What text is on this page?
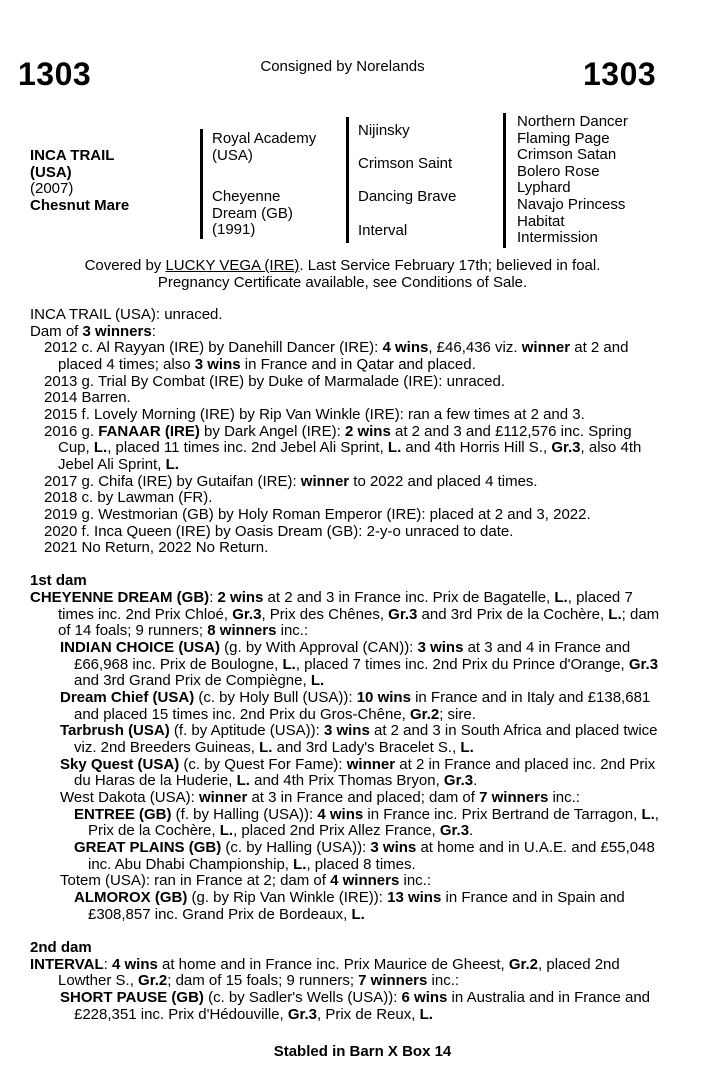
1303	Consigned by Norelands	1303
INCA TRAIL
(USA)
(2007)
Chesnut Mare
Royal Academy
(USA)
Cheyenne
Dream (GB)
(1991)
Nijinsky
Crimson Saint
Dancing Brave
Interval
Northern Dancer
Flaming Page
Crimson Satan
Bolero Rose
Lyphard
Navajo Princess
Habitat
Intermission
Covered by LUCKY VEGA (IRE). Last Service February 17th; believed in foal.
Pregnancy Certificate available, see Conditions of Sale.

INCA TRAIL (USA): unraced.

Dam of 3 winners:

2012 c. Al Rayyan (IRE) by Danehill Dancer (IRE): 4 wins, £46,436 viz. winner at 2 and placed 4 times; also 3 wins in France and in Qatar and placed.

2013 g. Trial By Combat (IRE) by Duke of Marmalade (IRE): unraced.

2014 Barren.

2015 f. Lovely Morning (IRE) by Rip Van Winkle (IRE): ran a few times at 2 and 3.

2016 g. FANAAR (IRE) by Dark Angel (IRE): 2 wins at 2 and 3 and £112,576 inc. Spring Cup, L., placed 11 times inc. 2nd Jebel Ali Sprint, L. and 4th Horris Hill S., Gr.3, also 4th Jebel Ali Sprint, L.

2017 g. Chifa (IRE) by Gutaifan (IRE): winner to 2022 and placed 4 times.

2018 c. by Lawman (FR).

2019 g. Westmorian (GB) by Holy Roman Emperor (IRE): placed at 2 and 3, 2022.

2020 f. Inca Queen (IRE) by Oasis Dream (GB): 2-y-o unraced to date.

2021 No Return, 2022 No Return.

1st dam

CHEYENNE DREAM (GB): 2 wins at 2 and 3 in France inc. Prix de Bagatelle, L., placed 7 times inc. 2nd Prix Chloé, Gr.3, Prix des Chênes, Gr.3 and 3rd Prix de la Cochère, L.; dam of 14 foals; 9 runners; 8 winners inc.:

INDIAN CHOICE (USA) (g. by With Approval (CAN)): 3 wins at 3 and 4 in France and £66,968 inc. Prix de Boulogne, L., placed 7 times inc. 2nd Prix du Prince d'Orange, Gr.3 and 3rd Grand Prix de Compiègne, L.

Dream Chief (USA) (c. by Holy Bull (USA)): 10 wins in France and in Italy and £138,681 and placed 15 times inc. 2nd Prix du Gros-Chêne, Gr.2; sire.

Tarbrush (USA) (f. by Aptitude (USA)): 3 wins at 2 and 3 in South Africa and placed twice viz. 2nd Breeders Guineas, L. and 3rd Lady's Bracelet S., L.

Sky Quest (USA) (c. by Quest For Fame): winner at 2 in France and placed inc. 2nd Prix du Haras de la Huderie, L. and 4th Prix Thomas Bryon, Gr.3.

West Dakota (USA): winner at 3 in France and placed; dam of 7 winners inc.:

ENTREE (GB) (f. by Halling (USA)): 4 wins in France inc. Prix Bertrand de Tarragon, L., Prix de la Cochère, L., placed 2nd Prix Allez France, Gr.3.

GREAT PLAINS (GB) (c. by Halling (USA)): 3 wins at home and in U.A.E. and £55,048 inc. Abu Dhabi Championship, L., placed 8 times.

Totem (USA): ran in France at 2; dam of 4 winners inc.:

ALMOROX (GB) (g. by Rip Van Winkle (IRE)): 13 wins in France and in Spain and £308,857 inc. Grand Prix de Bordeaux, L.

2nd dam

INTERVAL: 4 wins at home and in France inc. Prix Maurice de Gheest, Gr.2, placed 2nd Lowther S., Gr.2; dam of 15 foals; 9 runners; 7 winners inc.:

SHORT PAUSE (GB) (c. by Sadler's Wells (USA)): 6 wins in Australia and in France and £228,351 inc. Prix d'Hédouville, Gr.3, Prix de Reux, L.

Stabled in Barn X Box 14
